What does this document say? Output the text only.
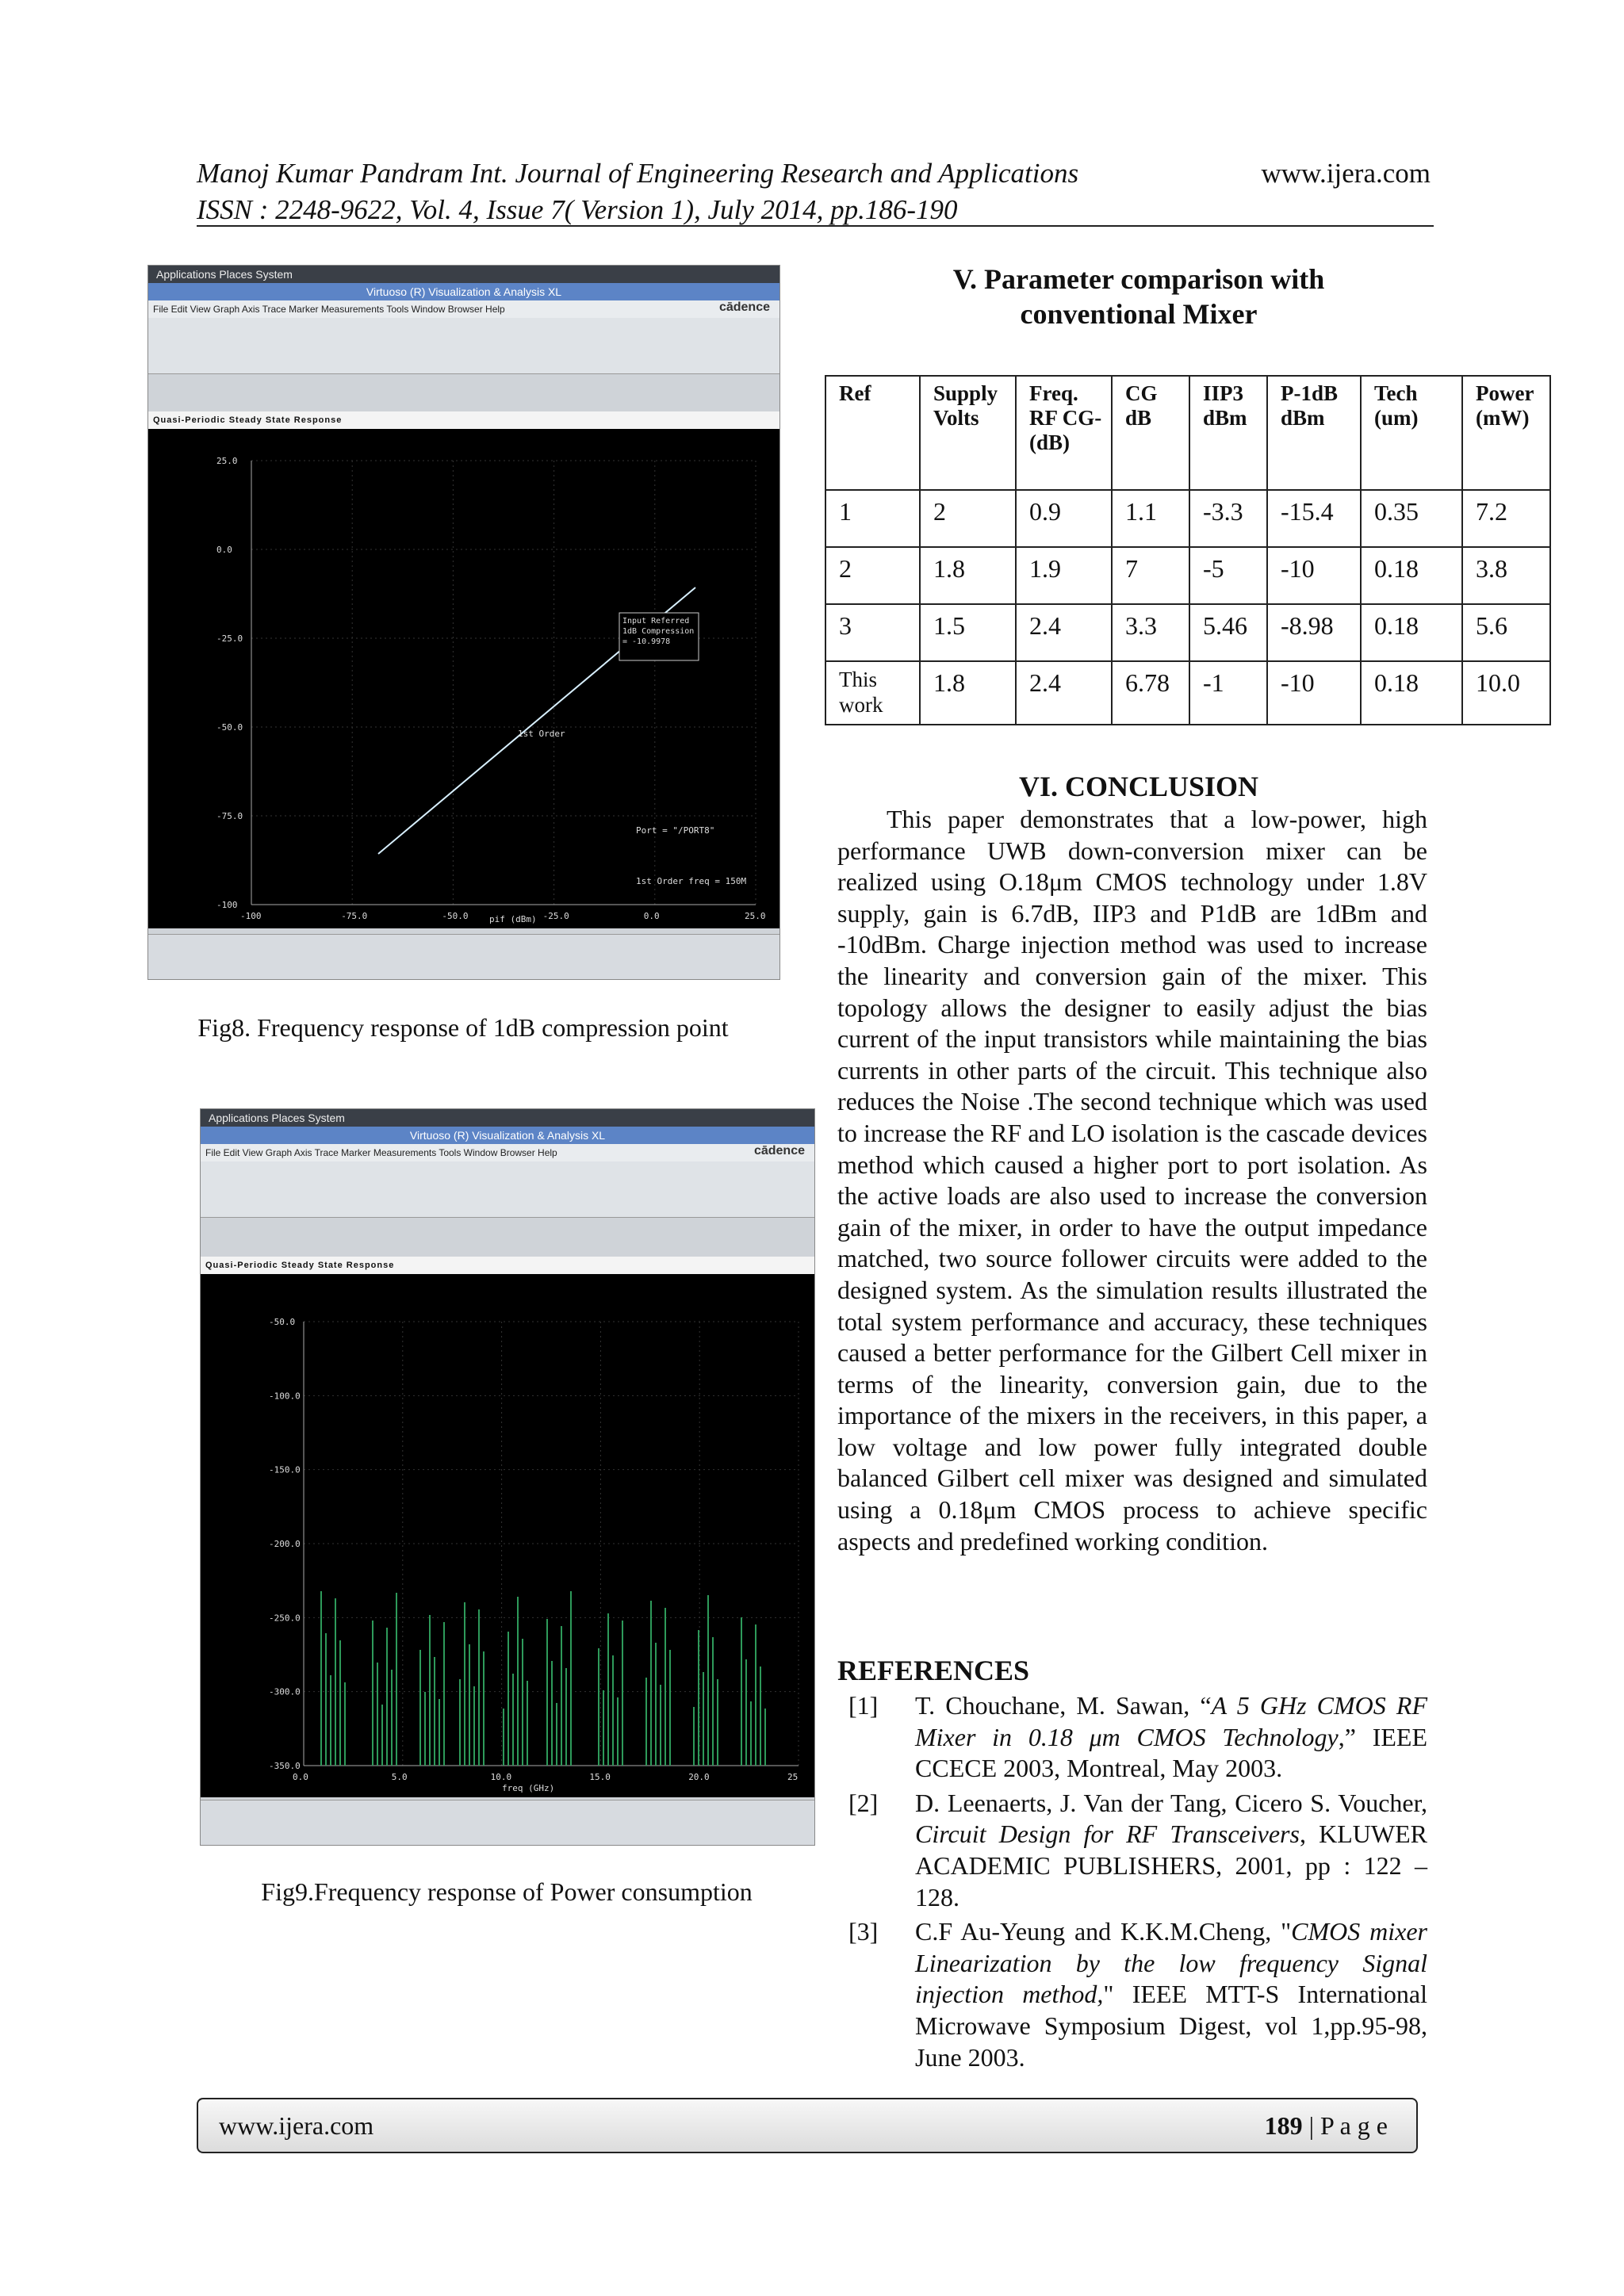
Manoj Kumar Pandram Int. Journal of Engineering Research and Applications	www.ijera.com
ISSN : 2248-9622, Vol. 4, Issue 7( Version 1), July 2014, pp.186-190
Applications Places System
Virtuoso (R) Visualization & Analysis XL
File Edit View Graph Axis Trace Marker Measurements Tools Window Browser Help	cādence
Quasi-Periodic Steady State Response
25.0
0.0
-25.0
-50.0
-75.0
-100
-100	-75.0	-50.0	-25.0	0.0	25.0
Input Referred 1dB Compression = -10.9978
1st Order
Port = "/PORT8"
1st Order freq = 150M
pif (dBm)
Fig8. Frequency response of 1dB compression point
Applications Places System
Virtuoso (R) Visualization & Analysis XL
File Edit View Graph Axis Trace Marker Measurements Tools Window Browser Help	cādence
Quasi-Periodic Steady State Response
-50.0
-100.0
-150.0
-200.0
-250.0
-300.0
-350.0
0.0	5.0	10.0	15.0	20.0	25
freq (GHz)
Fig9.Frequency response of Power consumption
V. Parameter comparison with
conventional Mixer
Ref	Supply Volts	Freq. RF CG- (dB)	CG dB	IIP3 dBm	P-1dB dBm	Tech (um)	Power (mW)
1	2	0.9	1.1	-3.3	-15.4	0.35	7.2
2	1.8	1.9	7	-5	-10	0.18	3.8
3	1.5	2.4	3.3	5.46	-8.98	0.18	5.6
This work	1.8	2.4	6.78	-1	-10	0.18	10.0
VI. CONCLUSION
This paper demonstrates that a low-power, high performance UWB down-conversion mixer can be realized using O.18μm CMOS technology under 1.8V supply, gain is 6.7dB, IIP3 and P1dB are 1dBm and -10dBm. Charge injection method was used to increase the linearity and conversion gain of the mixer. This topology allows the designer to easily adjust the bias current of the input transistors while maintaining the bias currents in other parts of the circuit. This technique also reduces the Noise .The second technique which was used to increase the RF and LO isolation is the cascade devices method which caused a higher port to port isolation. As the active loads are also used to increase the conversion gain of the mixer, in order to have the output impedance matched, two source follower circuits were added to the designed system. As the simulation results illustrated the total system performance and accuracy, these techniques caused a better performance for the Gilbert Cell mixer in terms of the linearity, conversion gain, due to the importance of the mixers in the receivers, in this paper, a low voltage and low power fully integrated double balanced Gilbert cell mixer was designed and simulated using a 0.18μm CMOS process to achieve specific aspects and predefined working condition.
REFERENCES
[1] T. Chouchane, M. Sawan, “A 5 GHz CMOS RF Mixer in 0.18 μm CMOS Technology,” IEEE CCECE 2003, Montreal, May 2003.
[2] D. Leenaerts, J. Van der Tang, Cicero S. Voucher, Circuit Design for RF Transceivers, KLUWER ACADEMIC PUBLISHERS, 2001, pp : 122 – 128.
[3] C.F Au-Yeung and K.K.M.Cheng, "CMOS mixer Linearization by the low frequency Signal injection method," IEEE MTT-S International Microwave Symposium Digest, vol 1,pp.95-98, June 2003.
www.ijera.com	189 | P a g e
